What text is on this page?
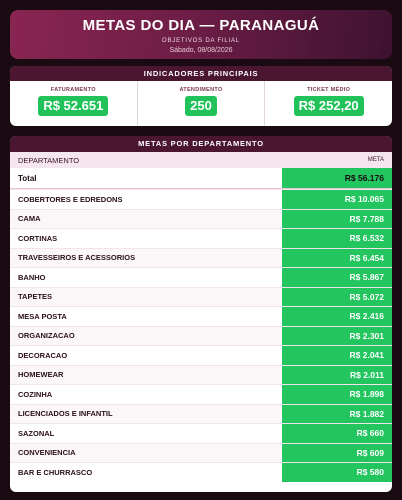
METAS DO DIA — PARANAGUÁ
OBJETIVOS DA FILIAL
Sábado, 08/08/2026
INDICADORES PRINCIPAIS
FATURAMENTO
R$ 52.651
ATENDIMENTO
250
TICKET MÉDIO
R$ 252,20
METAS POR DEPARTAMENTO
DEPARTAMENTO	META
Total	R$ 56.176
COBERTORES E EDREDONS	R$ 10.065
CAMA	R$ 7.788
CORTINAS	R$ 6.532
TRAVESSEIROS E ACESSORIOS	R$ 6.454
BANHO	R$ 5.867
TAPETES	R$ 5.072
MESA POSTA	R$ 2.416
ORGANIZACAO	R$ 2.301
DECORACAO	R$ 2.041
HOMEWEAR	R$ 2.011
COZINHA	R$ 1.898
LICENCIADOS E INFANTIL	R$ 1.882
SAZONAL	R$ 660
CONVENIENCIA	R$ 609
BAR E CHURRASCO	R$ 580
